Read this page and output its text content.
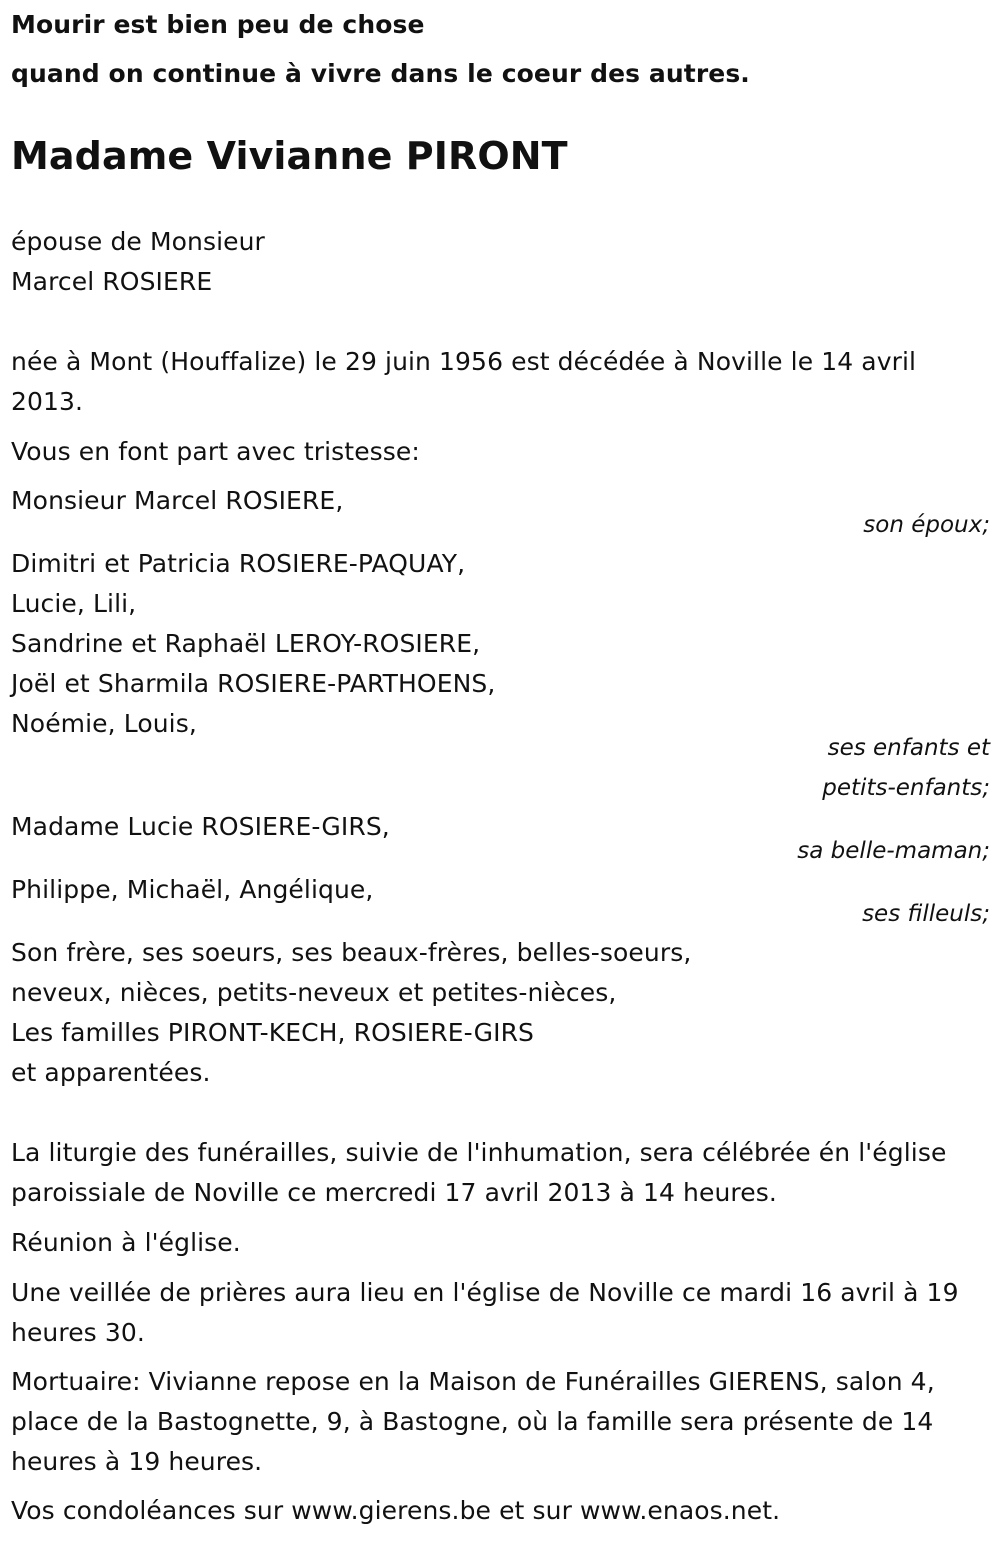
Mourir est bien peu de chose
quand on continue à vivre dans le coeur des autres.
Madame Vivianne PIRONT
épouse de Monsieur
Marcel ROSIERE
née à Mont (Houffalize) le 29 juin 1956 est décédée à Noville le 14 avril
2013.
Vous en font part avec tristesse:
Monsieur Marcel ROSIERE,
son époux;
Dimitri et Patricia ROSIERE-PAQUAY,
Lucie, Lili,
Sandrine et Raphaël LEROY-ROSIERE,
Joël et Sharmila ROSIERE-PARTHOENS,
Noémie, Louis,
ses enfants et
petits-enfants;
Madame Lucie ROSIERE-GIRS,
sa belle-maman;
Philippe, Michaël, Angélique,
ses filleuls;
Son frère, ses soeurs, ses beaux-frères, belles-soeurs,
neveux, nièces, petits-neveux et petites-nièces,
Les familles PIRONT-KECH, ROSIERE-GIRS
et apparentées.
La liturgie des funérailles, suivie de l'inhumation, sera célébrée én l'église
paroissiale de Noville ce mercredi 17 avril 2013 à 14 heures.
Réunion à l'église.
Une veillée de prières aura lieu en l'église de Noville ce mardi 16 avril à 19
heures 30.
Mortuaire: Vivianne repose en la Maison de Funérailles GIERENS, salon 4,
place de la Bastognette, 9, à Bastogne, où la famille sera présente de 14
heures à 19 heures.
Vos condoléances sur www.gierens.be et sur www.enaos.net.
